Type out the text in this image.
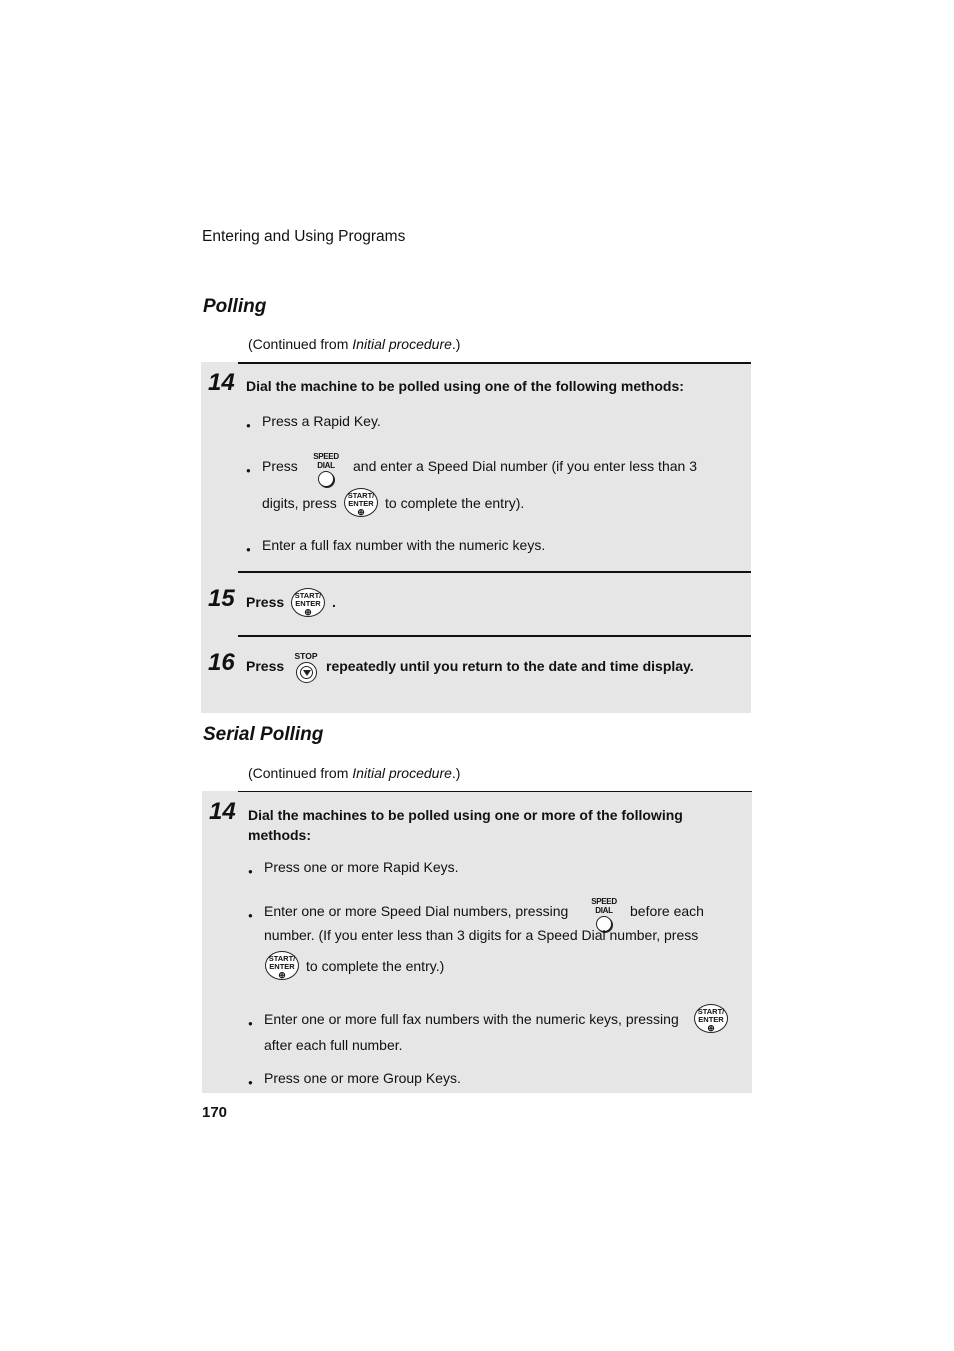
Entering and Using Programs
Polling
(Continued from Initial procedure.)
14 Dial the machine to be polled using one of the following methods:
● Press a Rapid Key.
● Press
SPEED DIAL	and enter a Speed Dial number (if you enter less than 3
digits, press	START/
ENTER
⊕
to complete the entry).
● Enter a full fax number with the numeric keys.
15 Press	START/
ENTER
⊕
.
16 Press
STOP
repeatedly until you return to the date and time display.
Serial Polling
(Continued from Initial procedure.)
14 Dial the machines to be polled using one or more of the following
methods:
● Press one or more Rapid Keys.
● Enter one or more Speed Dial numbers, pressing
SPEED DIAL	before each
number. (If you enter less than 3 digits for a Speed Dial number, press
START/
ENTER
⊕
to complete the entry.)
● Enter one or more full fax numbers with the numeric keys, pressing	START/
ENTER
⊕
after each full number.
● Press one or more Group Keys.
170
